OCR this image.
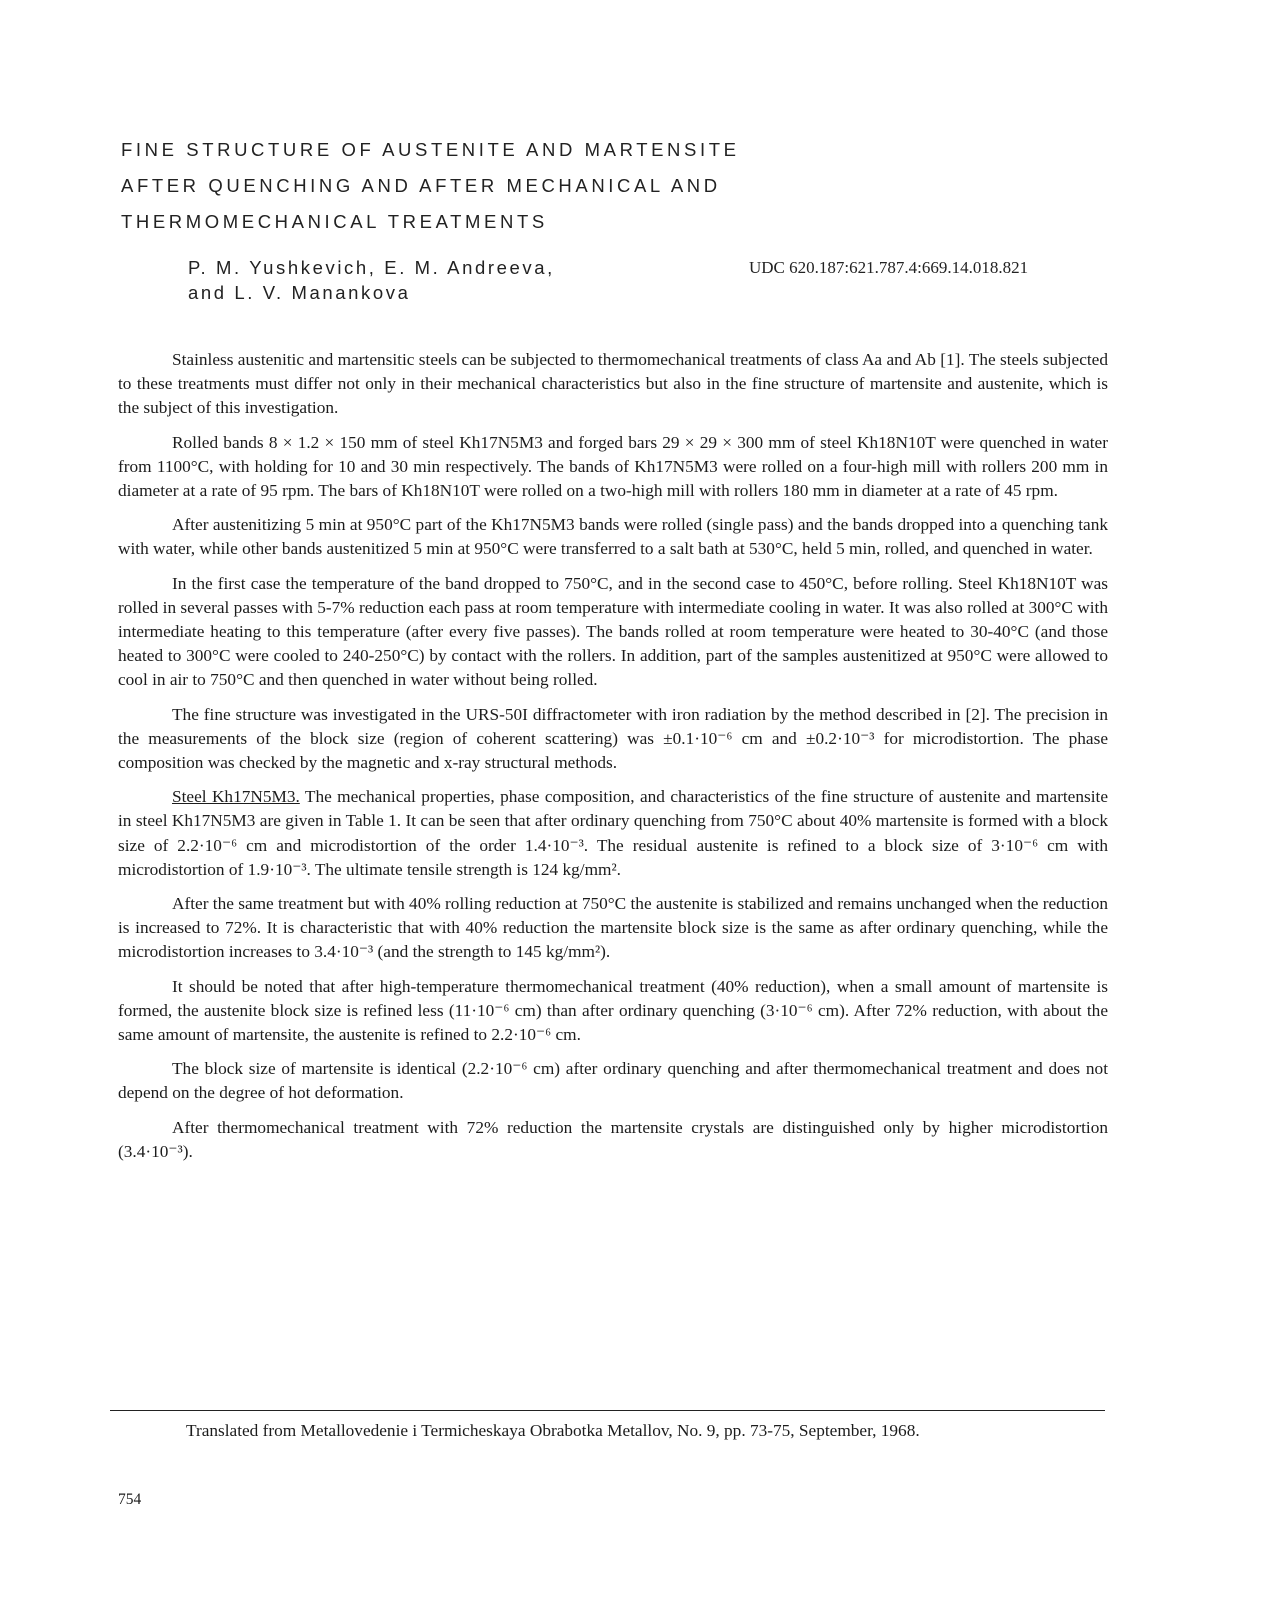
FINE STRUCTURE OF AUSTENITE AND MARTENSITE
AFTER QUENCHING AND AFTER MECHANICAL AND
THERMOMECHANICAL TREATMENTS
P. M. Yushkevich, E. M. Andreeva,
and L. V. Manankova
UDC 620.187:621.787.4:669.14.018.821

Stainless austenitic and martensitic steels can be subjected to thermomechanical treatments of class Aa and Ab [1]. The steels subjected to these treatments must differ not only in their mechanical characteristics but also in the fine structure of martensite and austenite, which is the subject of this investigation.

Rolled bands 8 × 1.2 × 150 mm of steel Kh17N5M3 and forged bars 29 × 29 × 300 mm of steel Kh18N10T were quenched in water from 1100°C, with holding for 10 and 30 min respectively. The bands of Kh17N5M3 were rolled on a four-high mill with rollers 200 mm in diameter at a rate of 95 rpm. The bars of Kh18N10T were rolled on a two-high mill with rollers 180 mm in diameter at a rate of 45 rpm.

After austenitizing 5 min at 950°C part of the Kh17N5M3 bands were rolled (single pass) and the bands dropped into a quenching tank with water, while other bands austenitized 5 min at 950°C were transferred to a salt bath at 530°C, held 5 min, rolled, and quenched in water.

In the first case the temperature of the band dropped to 750°C, and in the second case to 450°C, before rolling. Steel Kh18N10T was rolled in several passes with 5-7% reduction each pass at room temperature with intermediate cooling in water. It was also rolled at 300°C with intermediate heating to this temperature (after every five passes). The bands rolled at room temperature were heated to 30-40°C (and those heated to 300°C were cooled to 240-250°C) by contact with the rollers. In addition, part of the samples austenitized at 950°C were allowed to cool in air to 750°C and then quenched in water without being rolled.

The fine structure was investigated in the URS-50I diffractometer with iron radiation by the method described in [2]. The precision in the measurements of the block size (region of coherent scattering) was ±0.1·10⁻⁶ cm and ±0.2·10⁻³ for microdistortion. The phase composition was checked by the magnetic and x-ray structural methods.

Steel Kh17N5M3. The mechanical properties, phase composition, and characteristics of the fine structure of austenite and martensite in steel Kh17N5M3 are given in Table 1. It can be seen that after ordinary quenching from 750°C about 40% martensite is formed with a block size of 2.2·10⁻⁶ cm and microdistortion of the order 1.4·10⁻³. The residual austenite is refined to a block size of 3·10⁻⁶ cm with microdistortion of 1.9·10⁻³. The ultimate tensile strength is 124 kg/mm².

After the same treatment but with 40% rolling reduction at 750°C the austenite is stabilized and remains unchanged when the reduction is increased to 72%. It is characteristic that with 40% reduction the martensite block size is the same as after ordinary quenching, while the microdistortion increases to 3.4·10⁻³ (and the strength to 145 kg/mm²).

It should be noted that after high-temperature thermomechanical treatment (40% reduction), when a small amount of martensite is formed, the austenite block size is refined less (11·10⁻⁶ cm) than after ordinary quenching (3·10⁻⁶ cm). After 72% reduction, with about the same amount of martensite, the austenite is refined to 2.2·10⁻⁶ cm.

The block size of martensite is identical (2.2·10⁻⁶ cm) after ordinary quenching and after thermomechanical treatment and does not depend on the degree of hot deformation.

After thermomechanical treatment with 72% reduction the martensite crystals are distinguished only by higher microdistortion (3.4·10⁻³).

Translated from Metallovedenie i Termicheskaya Obrabotka Metallov, No. 9, pp. 73-75, September, 1968.

754
